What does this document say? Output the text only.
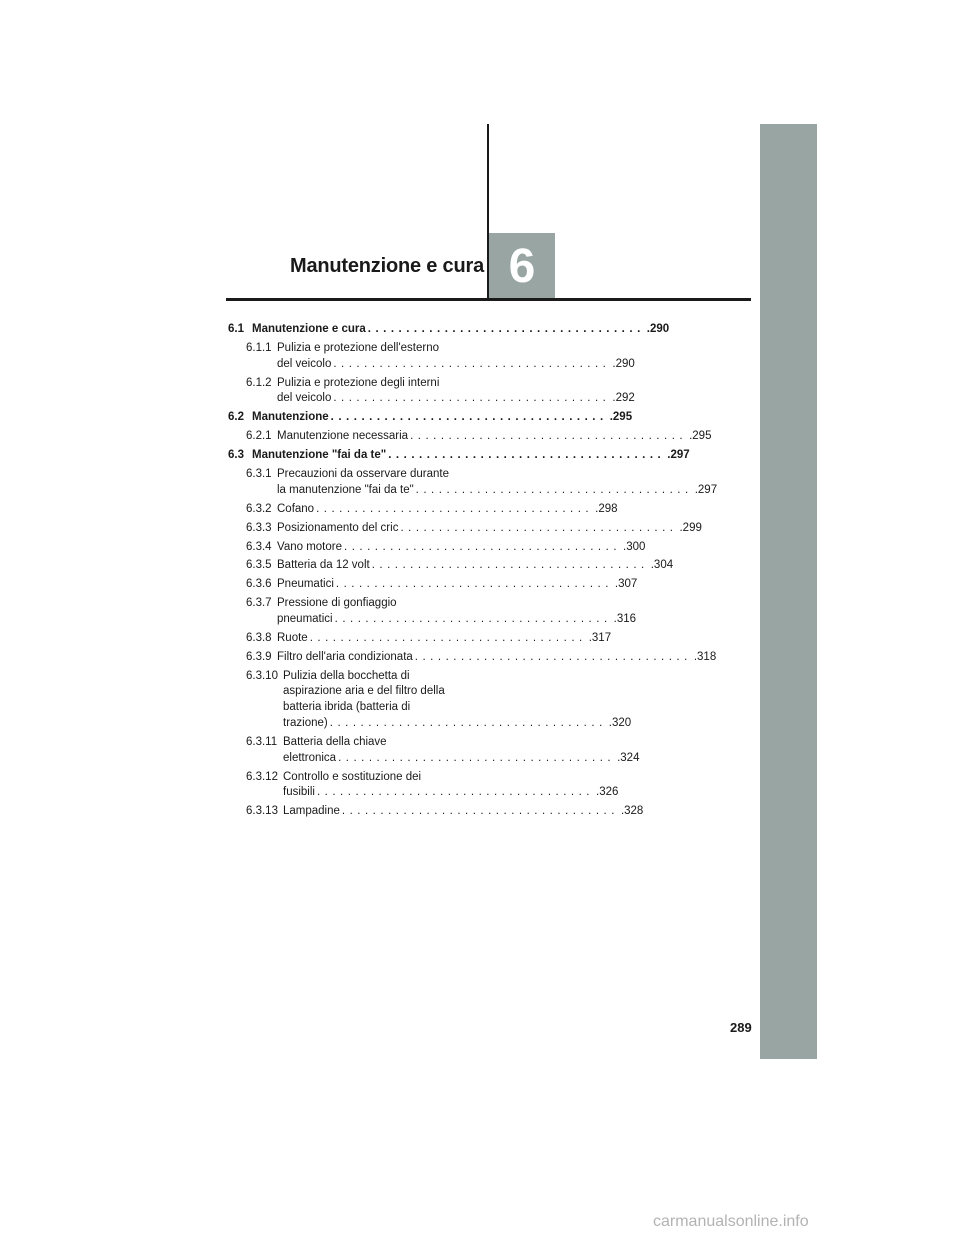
6
Manutenzione e cura
6.1 Manutenzione e cura .................................... .290
6.1.1 Pulizia e protezione dell'esterno
del veicolo .................................... .290
6.1.2 Pulizia e protezione degli interni
del veicolo .................................... .292
6.2 Manutenzione .................................... .295
6.2.1 Manutenzione necessaria .................................... .295
6.3 Manutenzione "fai da te" .................................... .297
6.3.1 Precauzioni da osservare durante
la manutenzione "fai da te" .................................... .297
6.3.2 Cofano .................................... .298
6.3.3 Posizionamento del cric .................................... .299
6.3.4 Vano motore .................................... .300
6.3.5 Batteria da 12 volt .................................... .304
6.3.6 Pneumatici .................................... .307
6.3.7 Pressione di gonfiaggio
pneumatici .................................... .316
6.3.8 Ruote .................................... .317
6.3.9 Filtro dell'aria condizionata .................................... .318
6.3.10 Pulizia della bocchetta di
aspirazione aria e del filtro della
batteria ibrida (batteria di
trazione) .................................... .320
6.3.11 Batteria della chiave
elettronica .................................... .324
6.3.12 Controllo e sostituzione dei
fusibili .................................... .326
6.3.13 Lampadine .................................... .328
289
carmanualsonline.info
